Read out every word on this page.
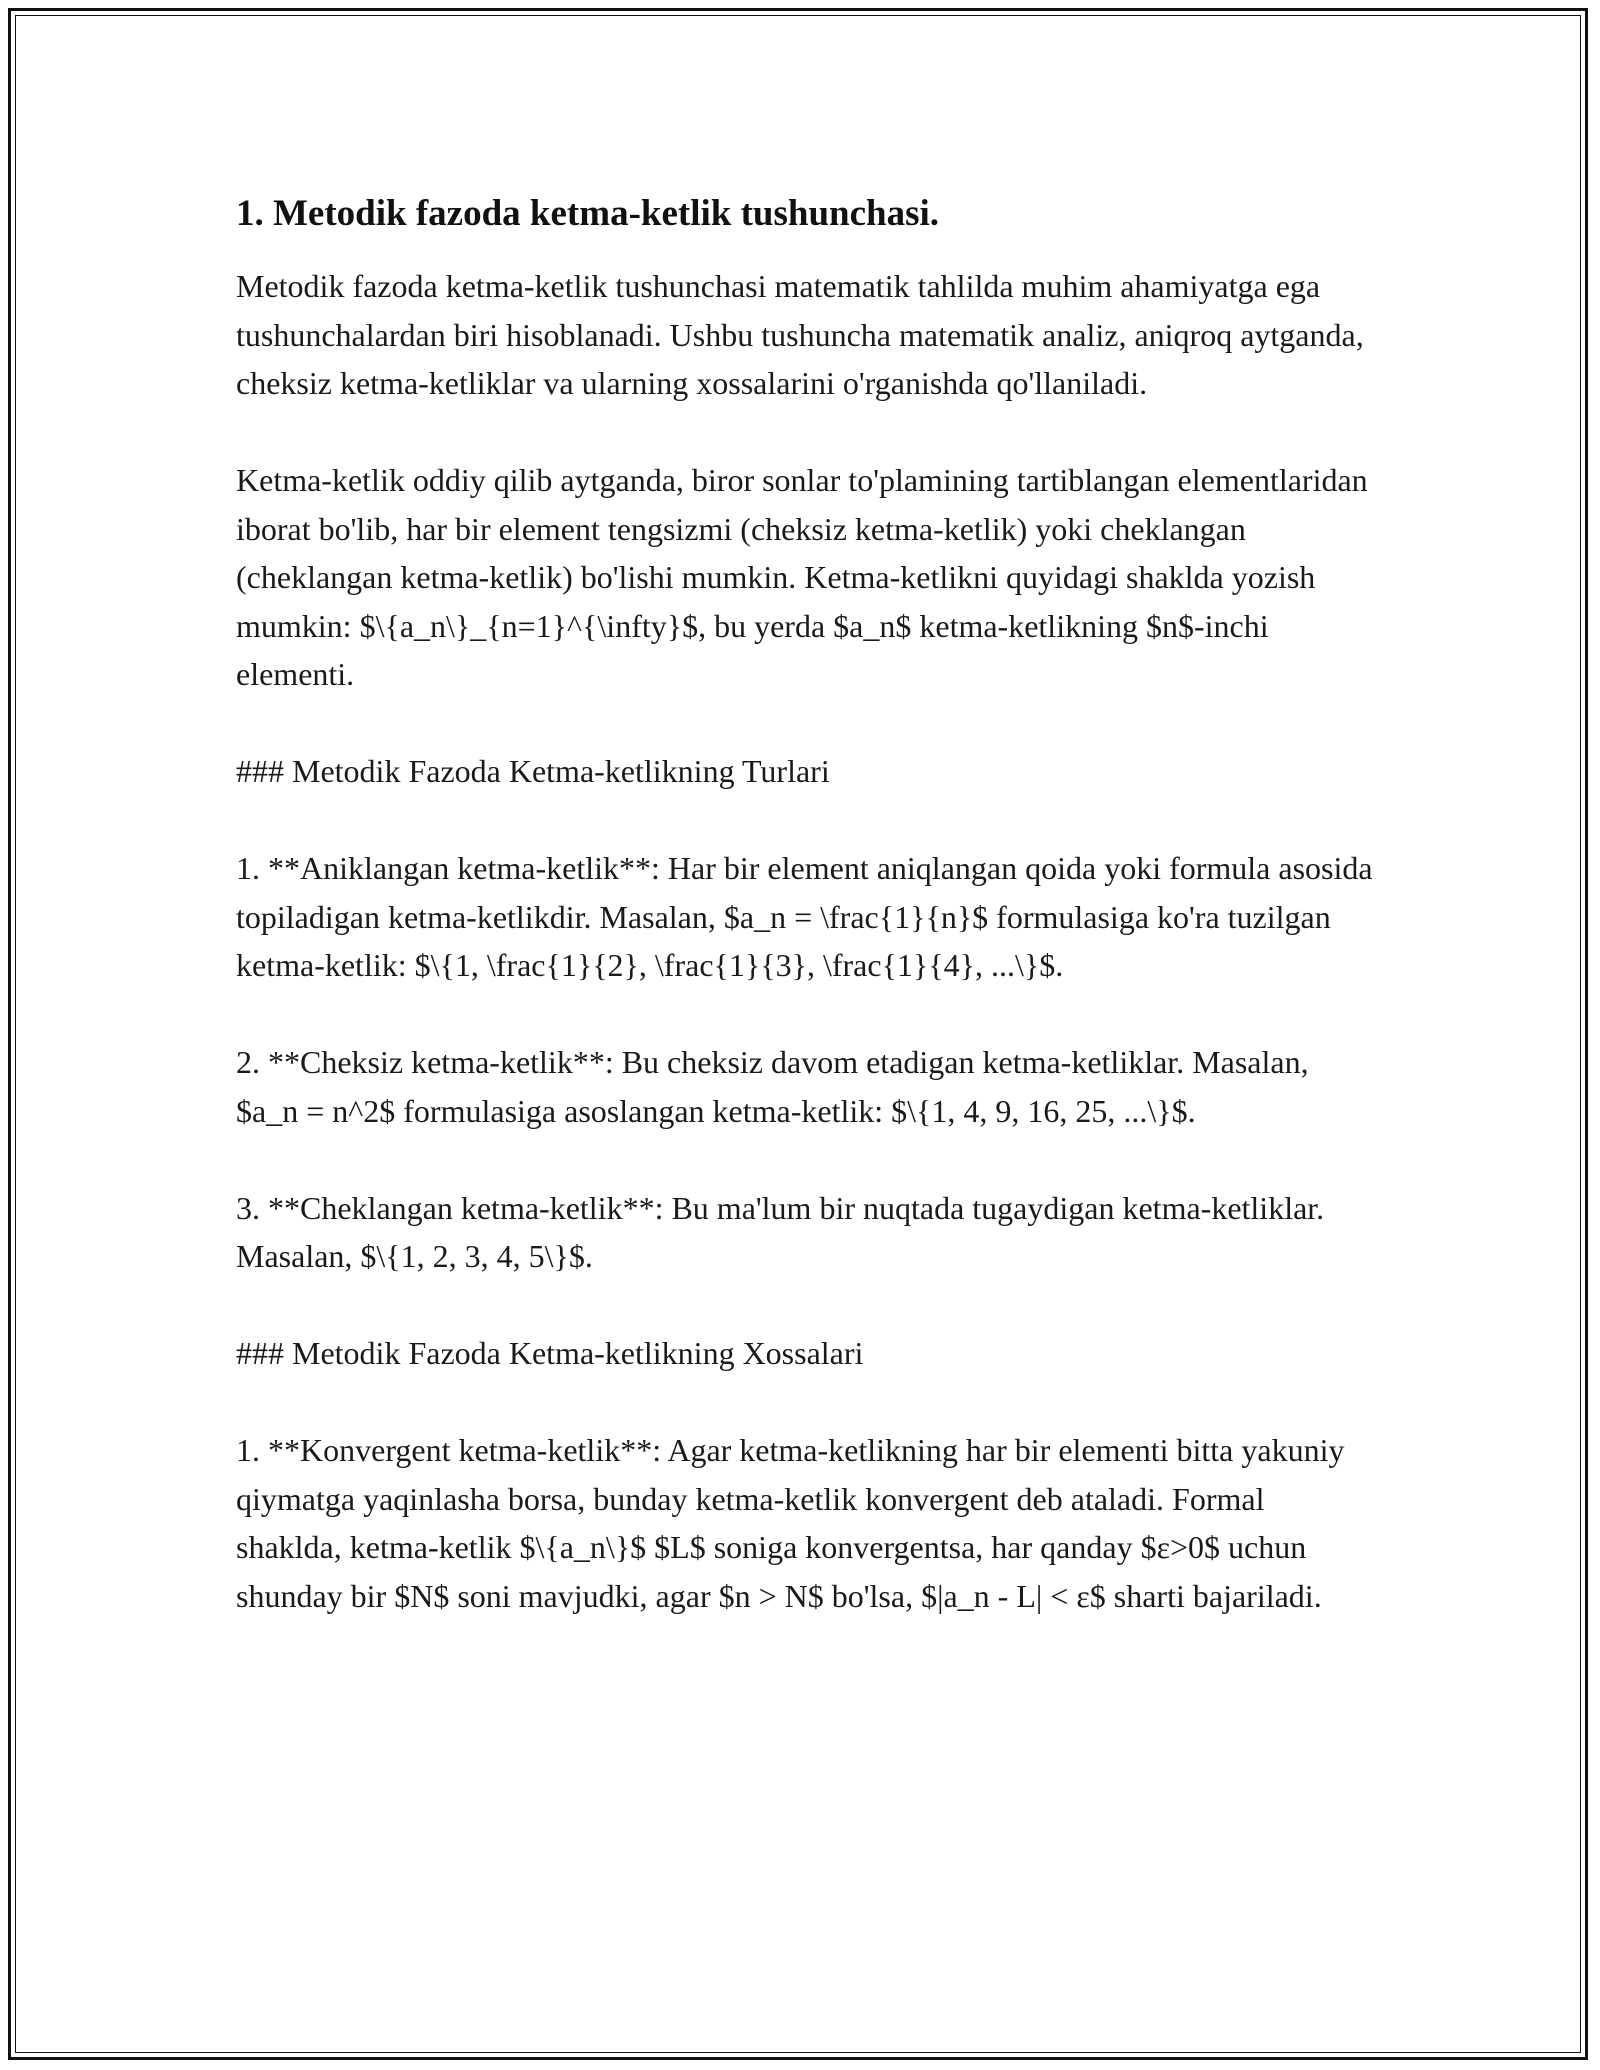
1. Metodik fazoda ketma-ketlik tushunchasi.

Metodik fazoda ketma-ketlik tushunchasi matematik tahlilda muhim ahamiyatga ega tushunchalardan biri hisoblanadi. Ushbu tushuncha matematik analiz, aniqroq aytganda, cheksiz ketma-ketliklar va ularning xossalarini o'rganishda qo'llaniladi.

Ketma-ketlik oddiy qilib aytganda, biror sonlar to'plamining tartiblangan elementlaridan iborat bo'lib, har bir element tengsizmi (cheksiz ketma-ketlik) yoki cheklangan (cheklangan ketma-ketlik) bo'lishi mumkin. Ketma-ketlikni quyidagi shaklda yozish mumkin: $\{a_n\}_{n=1}^{\infty}$, bu yerda $a_n$ ketma-ketlikning $n$-inchi elementi.

### Metodik Fazoda Ketma-ketlikning Turlari

1. **Aniklangan ketma-ketlik**: Har bir element aniqlangan qoida yoki formula asosida topiladigan ketma-ketlikdir. Masalan, $a_n = \frac{1}{n}$ formulasiga ko'ra tuzilgan ketma-ketlik: $\{1, \frac{1}{2}, \frac{1}{3}, \frac{1}{4}, ...\}$.

2. **Cheksiz ketma-ketlik**: Bu cheksiz davom etadigan ketma-ketliklar. Masalan, $a_n = n^2$ formulasiga asoslangan ketma-ketlik: $\{1, 4, 9, 16, 25, ...\}$.

3. **Cheklangan ketma-ketlik**: Bu ma'lum bir nuqtada tugaydigan ketma-ketliklar. Masalan, $\{1, 2, 3, 4, 5\}$.

### Metodik Fazoda Ketma-ketlikning Xossalari

1. **Konvergent ketma-ketlik**: Agar ketma-ketlikning har bir elementi bitta yakuniy qiymatga yaqinlasha borsa, bunday ketma-ketlik konvergent deb ataladi. Formal shaklda, ketma-ketlik $\{a_n\}$ $L$ soniga konvergentsa, har qanday $ε>0$ uchun shunday bir $N$ soni mavjudki, agar $n > N$ bo'lsa, $|a_n - L| < ε$ sharti bajariladi.
